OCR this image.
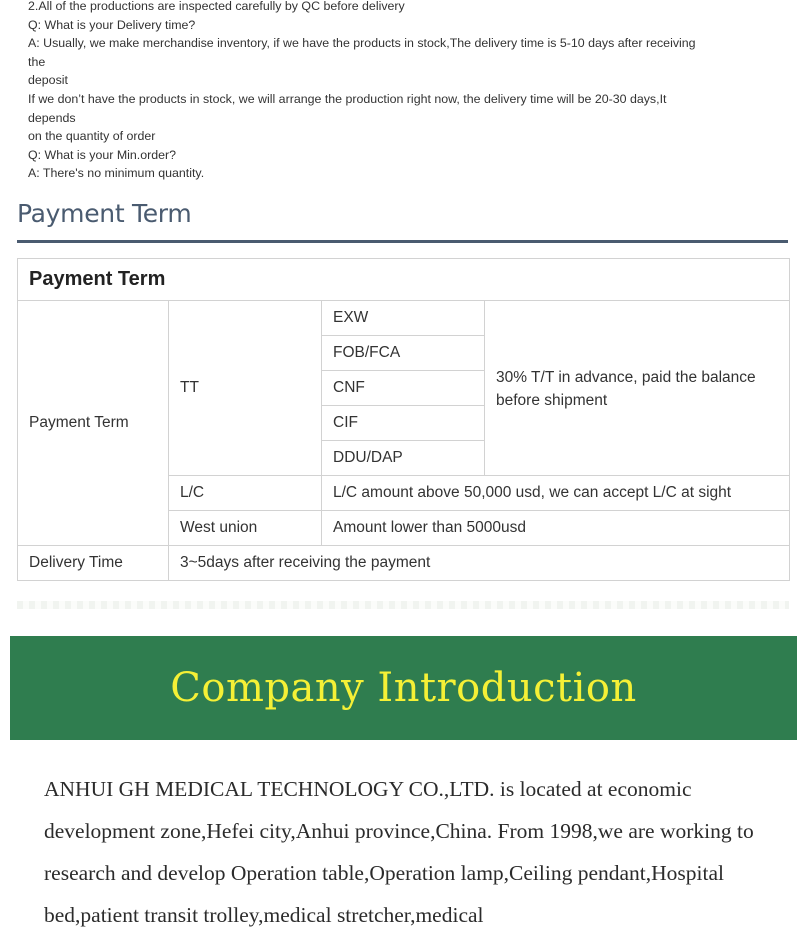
2.All of the productions are inspected carefully by QC before delivery

Q: What is your Delivery time?

A: Usually, we make merchandise inventory, if we have the products in stock,The delivery time is 5-10 days after receiving

the

deposit

If we don’t have the products in stock, we will arrange the production right now, the delivery time will be 20-30 days,It

depends

on the quantity of order

Q: What is your Min.order?

A: There's no minimum quantity.

Payment Term
Payment Term			
Payment Term	TT	EXW	30% T/T in advance, paid the balance before shipment
		FOB/FCA	
		CNF	
		CIF	
		DDU/DAP	
	L/C	L/C amount above 50,000 usd, we can accept L/C at sight	
	West union	Amount lower than 5000usd	
Delivery Time	3~5days after receiving the payment		
Company Introduction

ANHUI GH MEDICAL TECHNOLOGY CO.,LTD. is located at economic development zone,Hefei city,Anhui province,China. From 1998,we are working to research and develop Operation table,Operation lamp,Ceiling pendant,Hospital bed,patient transit trolley,medical stretcher,medical
